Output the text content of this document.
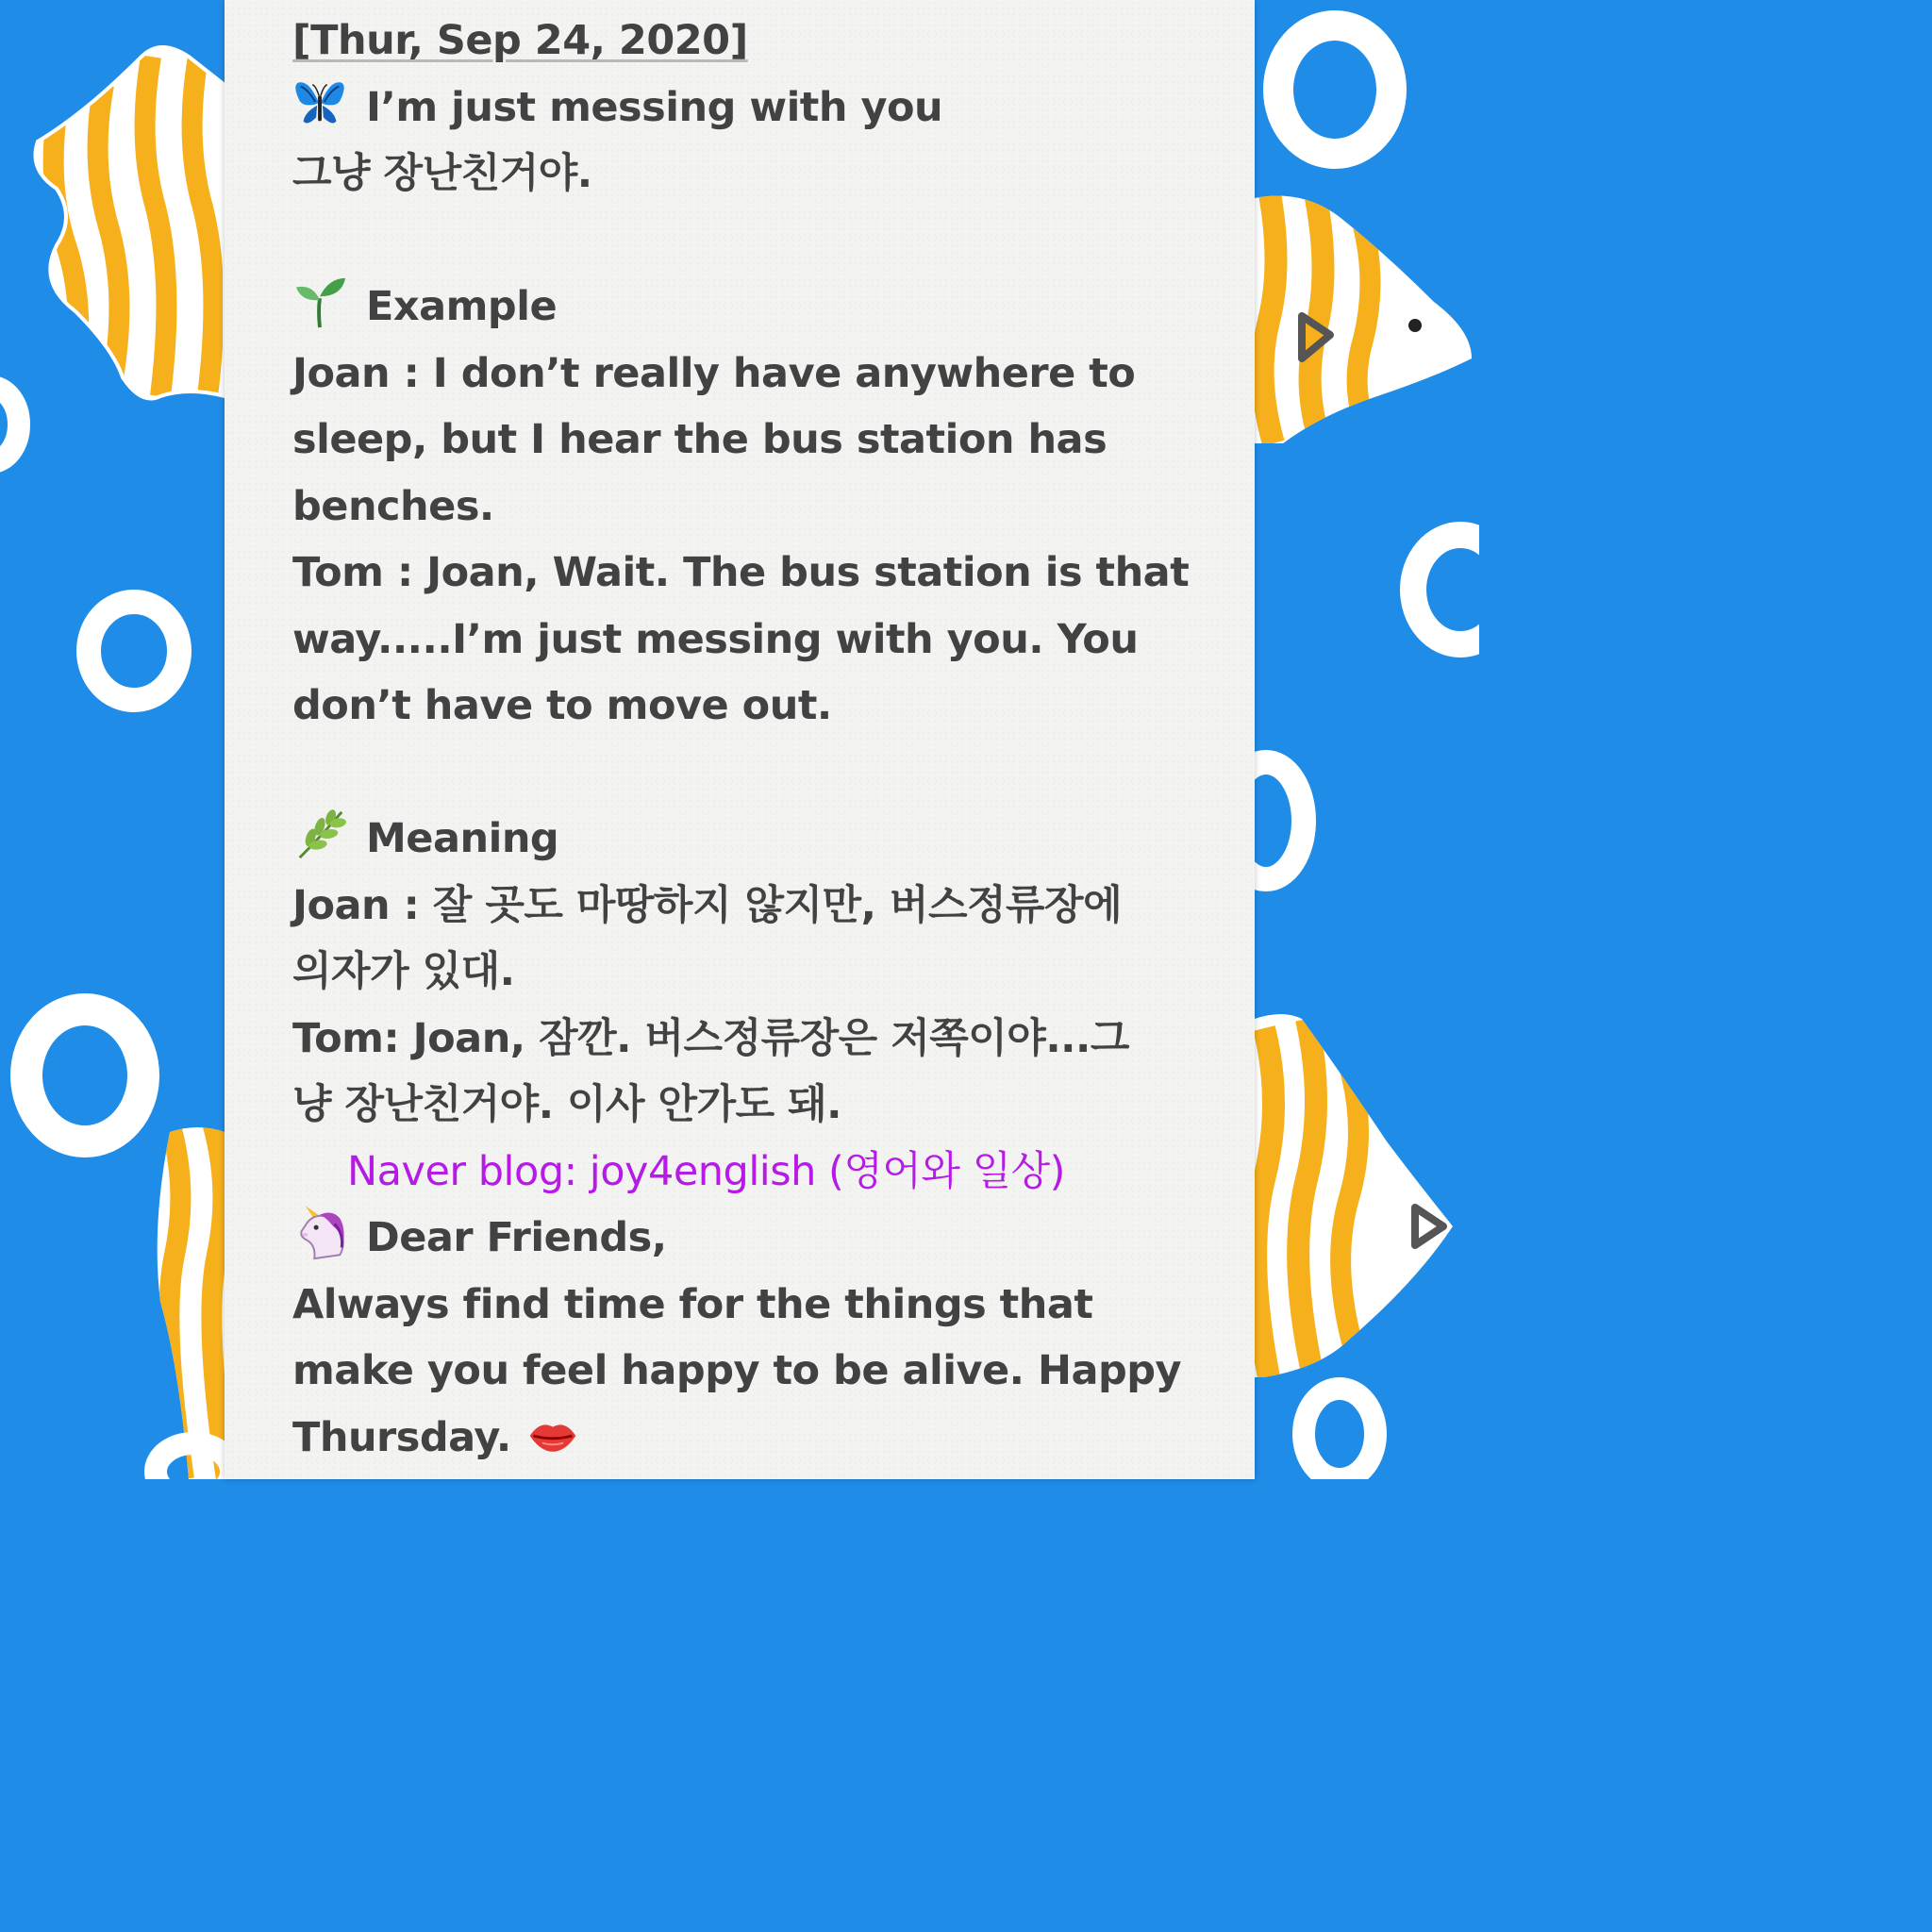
[Thur, Sep 24, 2020]
I’m just messing with you
그냥 장난친거야.
Example
Joan : I don’t really have anywhere to
sleep, but I hear the bus station has
benches.
Tom : Joan, Wait. The bus station is that
way.....I’m just messing with you. You
don’t have to move out.
Meaning
Joan : 잘 곳도 마땅하지 않지만, 버스정류장에
의자가 있대.
Tom: Joan, 잠깐. 버스정류장은 저쪽이야...그
냥 장난친거야. 이사 안가도 돼.
Naver blog: joy4english (영어와 일상)
Dear Friends,
Always find time for the things that
make you feel happy to be alive. Happy
Thursday.
